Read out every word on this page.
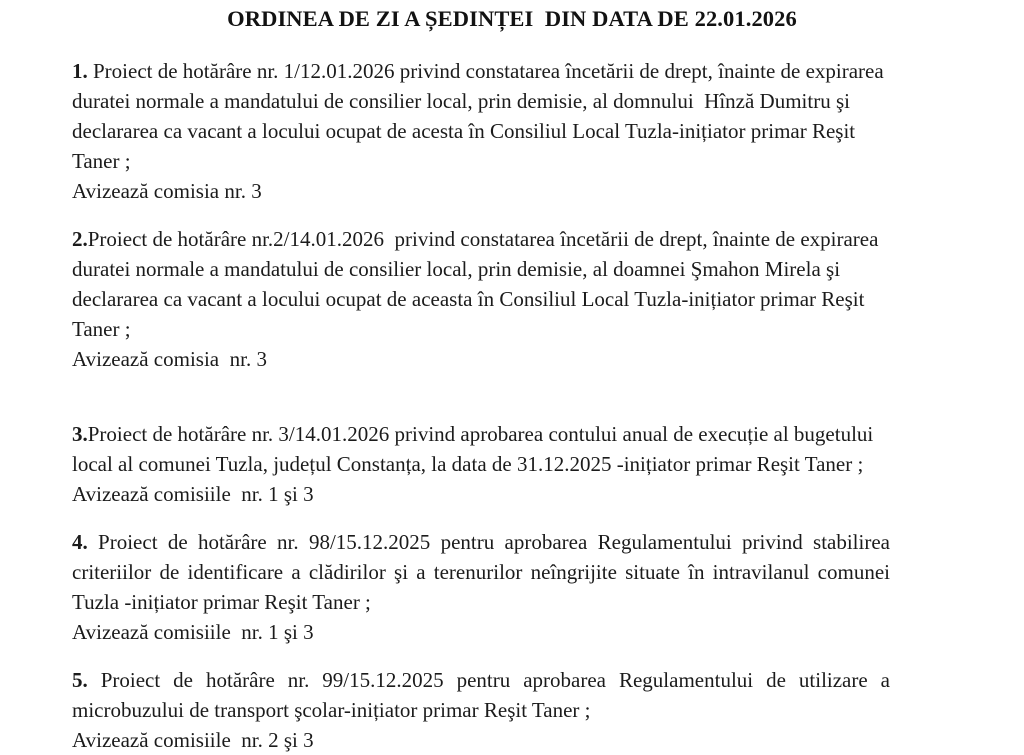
ORDINEA DE ZI A ȘEDINȚEI  DIN DATA DE 22.01.2026

1. Proiect de hotărâre nr. 1/12.01.2026 privind constatarea încetării de drept, înainte de expirarea duratei normale a mandatului de consilier local, prin demisie, al domnului  Hînză Dumitru şi declararea ca vacant a locului ocupat de acesta în Consiliul Local Tuzla-inițiator primar Reşit Taner ;

Avizează comisia nr. 3

2.Proiect de hotărâre nr.2/14.01.2026  privind constatarea încetării de drept, înainte de expirarea duratei normale a mandatului de consilier local, prin demisie, al doamnei Şmahon Mirela şi declararea ca vacant a locului ocupat de aceasta în Consiliul Local Tuzla-inițiator primar Reşit Taner ;

Avizează comisia  nr. 3

3.Proiect de hotărâre nr. 3/14.01.2026 privind aprobarea contului anual de execuție al bugetului local al comunei Tuzla, județul Constanța, la data de 31.12.2025 -inițiator primar Reşit Taner ;

Avizează comisiile  nr. 1 şi 3

4. Proiect de hotărâre nr. 98/15.12.2025 pentru aprobarea Regulamentului privind stabilirea criteriilor de identificare a clădirilor şi a terenurilor neîngrijite situate în intravilanul comunei Tuzla -inițiator primar Reşit Taner ;

Avizează comisiile  nr. 1 şi 3

5. Proiect de hotărâre nr. 99/15.12.2025 pentru aprobarea Regulamentului de utilizare a microbuzului de transport şcolar-inițiator primar Reşit Taner ;

Avizează comisiile  nr. 2 şi 3
